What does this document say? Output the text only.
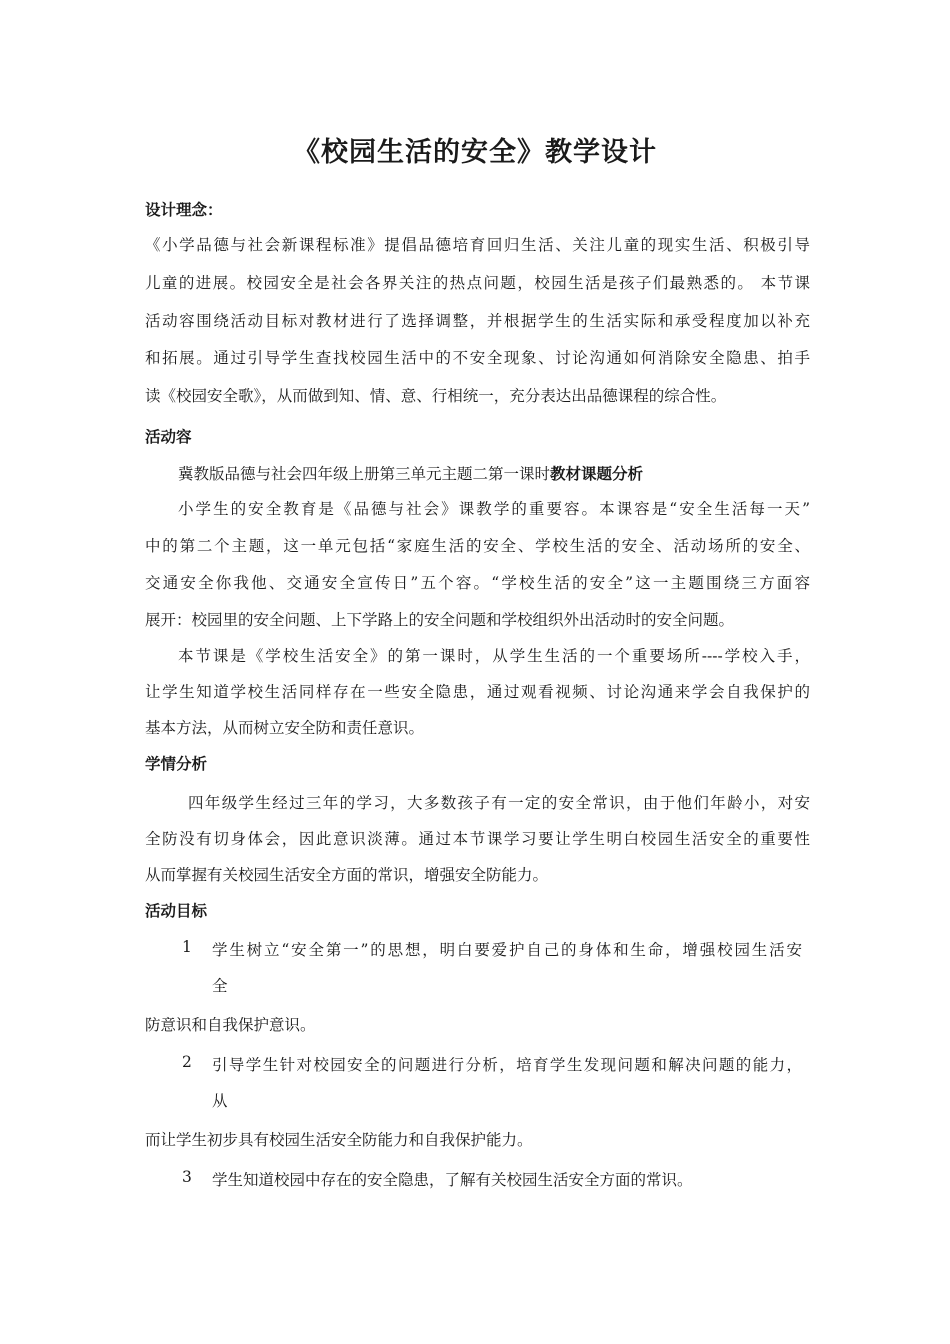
《校园生活的安全》教学设计
设计理念：
《小学品德与社会新课程标准》提倡品德培育回归生活、关注儿童的现实生活、积极引导
儿童的进展。校园安全是社会各界关注的热点问题，校园生活是孩子们最熟悉的。 本节课
活动容围绕活动目标对教材进行了选择调整，并根据学生的生活实际和承受程度加以补充
和拓展。通过引导学生查找校园生活中的不安全现象、讨论沟通如何消除安全隐患、拍手
读《校园安全歌》，从而做到知、情、意、行相统一，充分表达出品德课程的综合性。
活动容
冀教版品德与社会四年级上册第三单元主题二第一课时教材课题分析
小学生的安全教育是《品德与社会》课教学的重要容。本课容是“安全生活每一天”
中的第二个主题，这一单元包括“家庭生活的安全、学校生活的安全、活动场所的安全、
交通安全你我他、交通安全宣传日”五个容。“学校生活的安全”这一主题围绕三方面容
展开：校园里的安全问题、上下学路上的安全问题和学校组织外出活动时的安全问题。
本节课是《学校生活安全》的第一课时，从学生生活的一个重要场所----学校入手，
让学生知道学校生活同样存在一些安全隐患，通过观看视频、讨论沟通来学会自我保护的
基本方法，从而树立安全防和责任意识。
学情分析
四年级学生经过三年的学习，大多数孩子有一定的安全常识，由于他们年龄小，对安
全防没有切身体会，因此意识淡薄。通过本节课学习要让学生明白校园生活安全的重要性
从而掌握有关校园生活安全方面的常识，增强安全防能力。
活动目标
1 学生树立“安全第一”的思想，明白要爱护自己的身体和生命，增强校园生活安
全
防意识和自我保护意识。
2 引导学生针对校园安全的问题进行分析，培育学生发现问题和解决问题的能力，
从
而让学生初步具有校园生活安全防能力和自我保护能力。
3 学生知道校园中存在的安全隐患，了解有关校园生活安全方面的常识。
